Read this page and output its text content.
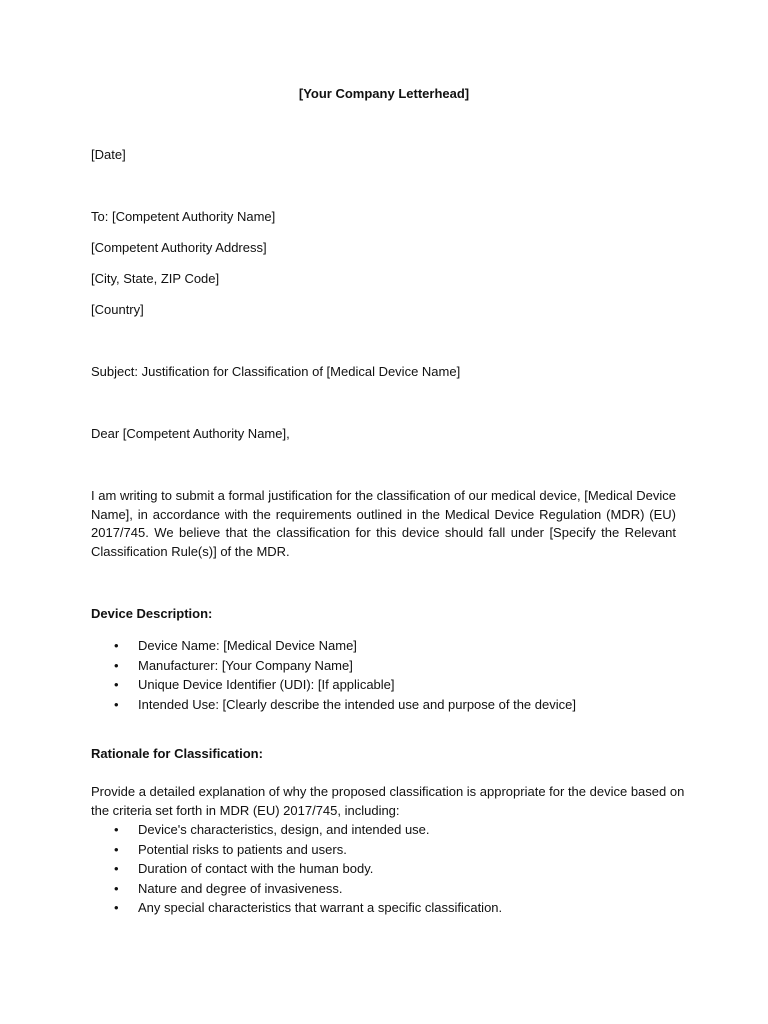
[Your Company Letterhead]
[Date]
To: [Competent Authority Name]
[Competent Authority Address]
[City, State, ZIP Code]
[Country]
Subject: Justification for Classification of [Medical Device Name]
Dear [Competent Authority Name],
I am writing to submit a formal justification for the classification of our medical device, [Medical Device Name], in accordance with the requirements outlined in the Medical Device Regulation (MDR) (EU) 2017/745. We believe that the classification for this device should fall under [Specify the Relevant Classification Rule(s)] of the MDR.
Device Description:
• Device Name: [Medical Device Name]
• Manufacturer: [Your Company Name]
• Unique Device Identifier (UDI): [If applicable]
• Intended Use: [Clearly describe the intended use and purpose of the device]
Rationale for Classification:
Provide a detailed explanation of why the proposed classification is appropriate for the device based on the criteria set forth in MDR (EU) 2017/745, including:
• Device's characteristics, design, and intended use.
• Potential risks to patients and users.
• Duration of contact with the human body.
• Nature and degree of invasiveness.
• Any special characteristics that warrant a specific classification.
